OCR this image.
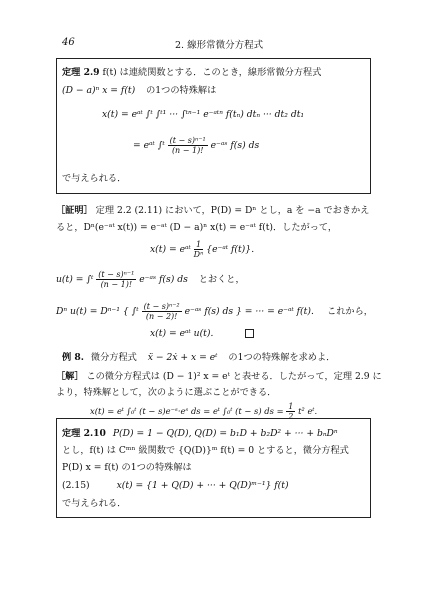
46	2. 線形常微分方程式
定理 2.9 f(t) は連続関数とする．このとき，線形常微分方程式
(D − a)ⁿ x = f(t) の1つの特殊解は
x(t) = eᵃᵗ ∫ᵗ ∫ᵗ¹ ··· ∫ᵗⁿ⁻¹ e⁻ᵃᵗⁿ f(tₙ) dtₙ ··· dt₂ dt₁
= eᵃᵗ ∫ᵗ $\frac{\text{(t − s)ⁿ⁻¹}}{(n - 1)!}$ e⁻ᵃˢ f(s) ds
で与えられる．
［証明］ 定理 2.2 (2.11) において，P(D) = Dⁿ とし，a を −a でおきかえ
ると，Dⁿ(e⁻ᵃᵗ x(t)) = e⁻ᵃᵗ (D − a)ⁿ x(t) = e⁻ᵃᵗ f(t)．したがって，
x(t) = eᵃᵗ $\frac{1}{\text{Dⁿ}}$ {e⁻ᵃᵗ f(t)}．
u(t) = ∫ᵗ $\frac{\text{(t − s)ⁿ⁻¹}}{(n - 1)!}$ e⁻ᵃˢ f(s) ds とおくと，
Dⁿ u(t) = Dⁿ⁻¹ { ∫ᵗ $\frac{\text{(t − s)ⁿ⁻²}}{(n - 2)!}$ e⁻ᵃˢ f(s) ds } = ··· = e⁻ᵃᵗ f(t)． これから，
x(t) = eᵃᵗ u(t)．
例 8. 微分方程式 ẍ − 2ẋ + x = eᵗ の1つの特殊解を求めよ．
［解］ この微分方程式は (D − 1)² x = eᵗ と表せる．したがって，定理 2.9 に
より，特殊解として，次のように選ぶことができる．
x(t) = eᵗ ∫₀ᵗ (t − s)e⁻ˢ·eˢ ds = eᵗ ∫₀ᵗ (t − s) ds = $\frac{1}{2} t^2$ eᵗ.
定理 2.10 P(D) = 1 − Q(D), Q(D) = b₁D + b₂D² + ··· + bₙDⁿ
とし，f(t) は Cᵐⁿ 級関数で {Q(D)}ᵐ f(t) = 0 とすると，微分方程式
P(D) x = f(t) の1つの特殊解は
(2.15)	x(t) = {1 + Q(D) + ··· + Q(D)ᵐ⁻¹} f(t)
で与えられる．
